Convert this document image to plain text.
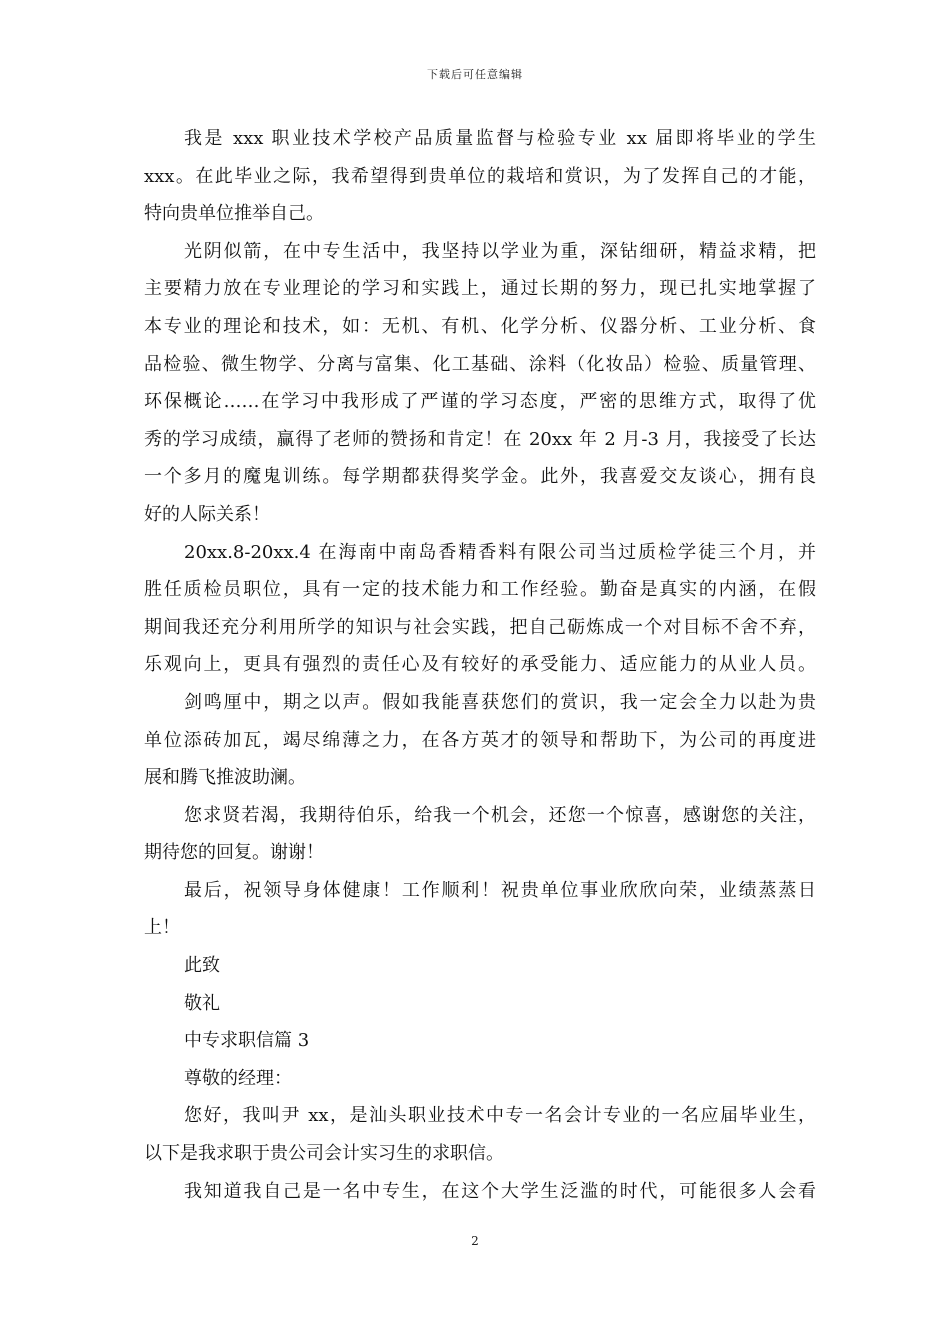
下载后可任意编辑
我是 xxx 职业技术学校产品质量监督与检验专业 xx 届即将毕业的学生
xxx。在此毕业之际，我希望得到贵单位的栽培和赏识，为了发挥自己的才能，
特向贵单位推举自己。
光阴似箭，在中专生活中，我坚持以学业为重，深钻细研，精益求精，把
主要精力放在专业理论的学习和实践上，通过长期的努力，现已扎实地掌握了
本专业的理论和技术，如：无机、有机、化学分析、仪器分析、工业分析、食
品检验、微生物学、分离与富集、化工基础、涂料（化妆品）检验、质量管理、
环保概论……在学习中我形成了严谨的学习态度，严密的思维方式，取得了优
秀的学习成绩，赢得了老师的赞扬和肯定！在 20xx 年 2 月-3 月，我接受了长达
一个多月的魔鬼训练。每学期都获得奖学金。此外，我喜爱交友谈心，拥有良
好的人际关系！
20xx.8-20xx.4 在海南中南岛香精香料有限公司当过质检学徒三个月，并
胜任质检员职位，具有一定的技术能力和工作经验。勤奋是真实的内涵，在假
期间我还充分利用所学的知识与社会实践，把自己砺炼成一个对目标不舍不弃，
乐观向上，更具有强烈的责任心及有较好的承受能力、适应能力的从业人员。
剑鸣厘中，期之以声。假如我能喜获您们的赏识，我一定会全力以赴为贵
单位添砖加瓦，竭尽绵薄之力，在各方英才的领导和帮助下，为公司的再度进
展和腾飞推波助澜。
您求贤若渴，我期待伯乐，给我一个机会，还您一个惊喜，感谢您的关注，
期待您的回复。谢谢！
最后，祝领导身体健康！工作顺利！祝贵单位事业欣欣向荣，业绩蒸蒸日
上！
此致
敬礼
中专求职信篇 3
尊敬的经理：
您好，我叫尹 xx，是汕头职业技术中专一名会计专业的一名应届毕业生，
以下是我求职于贵公司会计实习生的求职信。
我知道我自己是一名中专生，在这个大学生泛滥的时代，可能很多人会看
2
